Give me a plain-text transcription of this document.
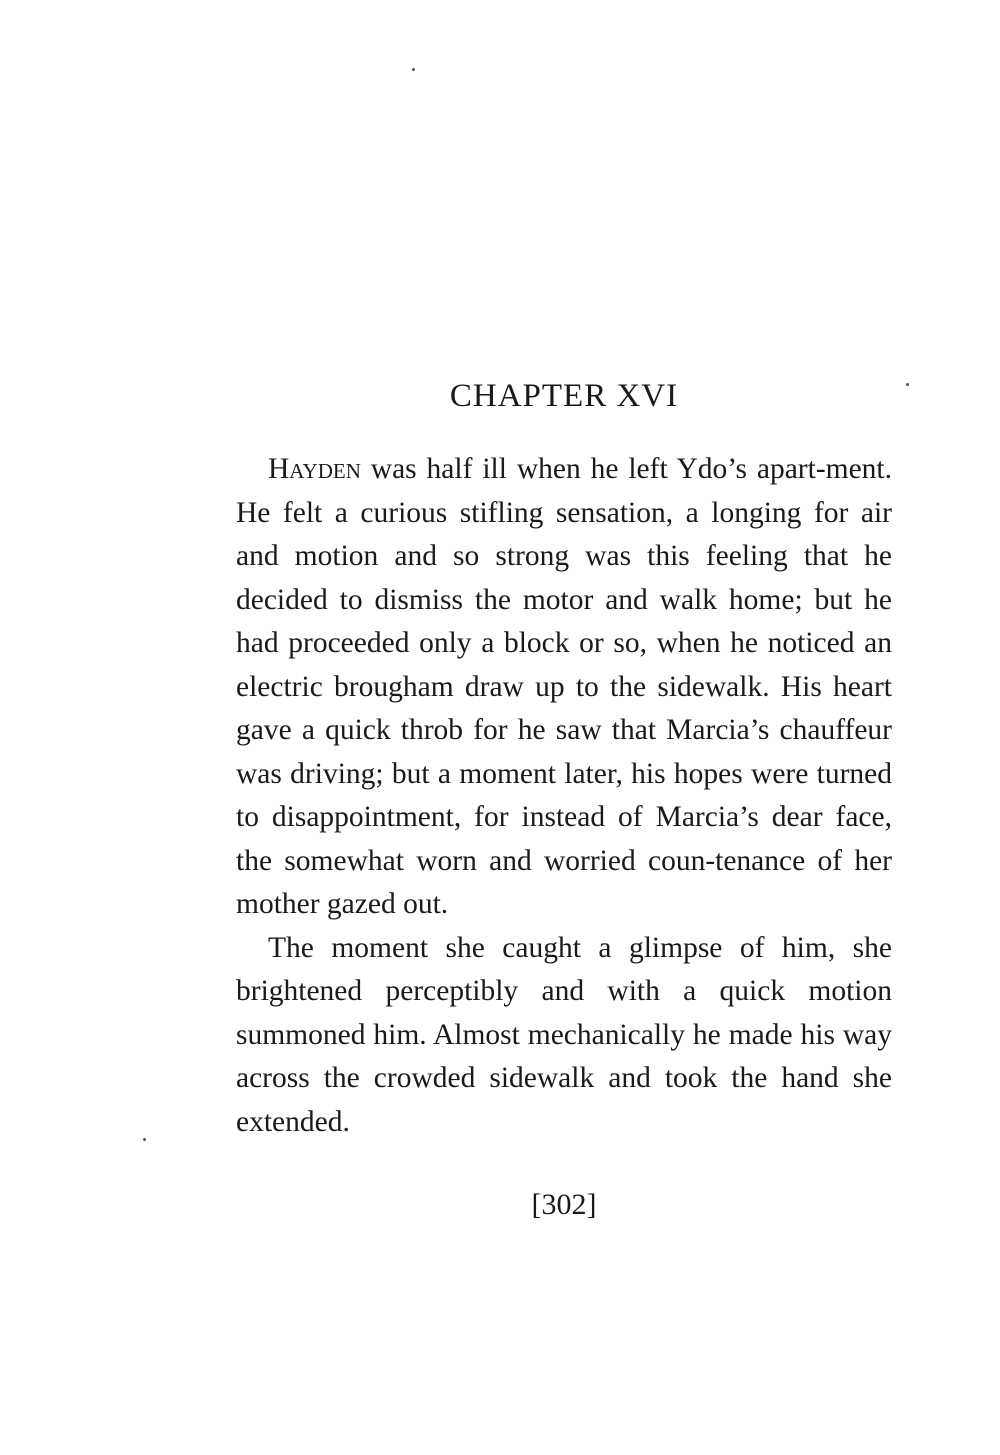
CHAPTER XVI

Hayden was half ill when he left Ydo’s apart-ment. He felt a curious stifling sensation, a longing for air and motion and so strong was this feeling that he decided to dismiss the motor and walk home; but he had proceeded only a block or so, when he noticed an electric brougham draw up to the sidewalk. His heart gave a quick throb for he saw that Marcia’s chauffeur was driving; but a moment later, his hopes were turned to disappointment, for instead of Marcia’s dear face, the somewhat worn and worried coun-tenance of her mother gazed out.

The moment she caught a glimpse of him, she brightened perceptibly and with a quick motion summoned him. Almost mechanically he made his way across the crowded sidewalk and took the hand she extended.

[302]
